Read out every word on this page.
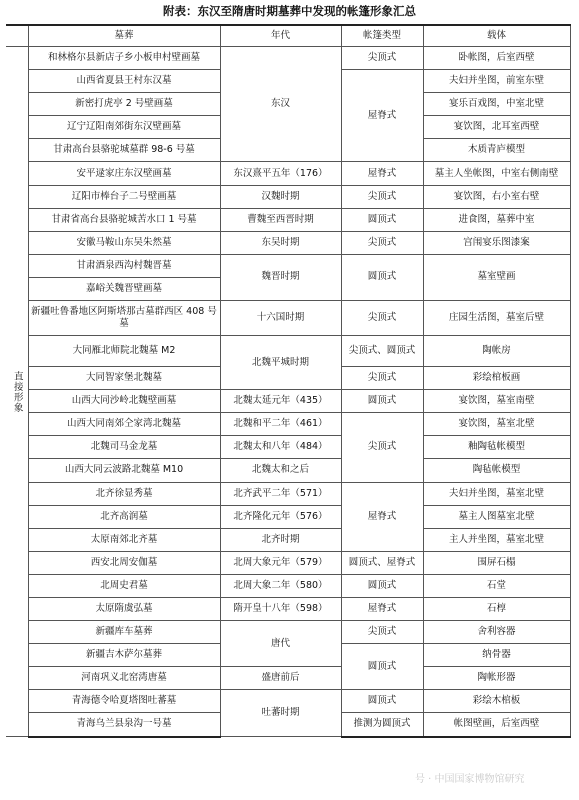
附表：东汉至隋唐时期墓葬中发现的帐篷形象汇总
	墓葬	年代	帐篷类型	载体
直接形象	和林格尔县新店子乡小板申村壁画墓	东汉	尖顶式	卧帐图，后室西壁
	山西省夏县王村东汉墓		屋脊式	夫妇并坐图，前室东壁
	新密打虎亭 2 号壁画墓			宴乐百戏图，中室北壁
	辽宁辽阳南郊街东汉壁画墓			宴饮图，北耳室西壁
	甘肃高台县骆驼城墓群 98-6 号墓			木质青庐模型
	安平逯家庄东汉壁画墓	东汉熹平五年（176）	屋脊式	墓主人坐帐图，中室右侧南壁
	辽阳市棒台子二号壁画墓	汉魏时期	尖顶式	宴饮图，右小室右壁
	甘肃省高台县骆驼城苦水口 1 号墓	曹魏至西晋时期	圆顶式	进食图，墓葬中室
	安徽马鞍山东吴朱然墓	东吴时期	尖顶式	宫闱宴乐图漆案
	甘肃酒泉西沟村魏晋墓	魏晋时期	圆顶式	墓室壁画
	嘉峪关魏晋壁画墓			
	新疆吐鲁番地区阿斯塔那古墓群西区 408 号墓	十六国时期	尖顶式	庄园生活图，墓室后壁
	大同雁北师院北魏墓 M2	北魏平城时期	尖顶式、圆顶式	陶帐房
	大同智家堡北魏墓		尖顶式	彩绘棺板画
	山西大同沙岭北魏壁画墓	北魏太延元年（435）	圆顶式	宴饮图，墓室南壁
	山西大同南郊仝家湾北魏墓	北魏和平二年（461）	尖顶式	宴饮图，墓室北壁
	北魏司马金龙墓	北魏太和八年（484）		釉陶毡帐模型
	山西大同云波路北魏墓 M10	北魏太和之后		陶毡帐模型
	北齐徐显秀墓	北齐武平二年（571）	屋脊式	夫妇并坐图，墓室北壁
	北齐高润墓	北齐隆化元年（576）		墓主人图墓室北壁
	太原南郊北齐墓	北齐时期		主人并坐图，墓室北壁
	西安北周安伽墓	北周大象元年（579）	圆顶式、屋脊式	围屏石榻
	北周史君墓	北周大象二年（580）	圆顶式	石堂
	太原隋虞弘墓	隋开皇十八年（598）	屋脊式	石椁
	新疆库车墓葬	唐代	尖顶式	舍利容器
	新疆吉木萨尔墓葬		圆顶式	纳骨器
	河南巩义北窑湾唐墓	盛唐前后		陶帐形器
	青海德令哈夏塔图吐蕃墓	吐蕃时期	圆顶式	彩绘木棺板
	青海乌兰县泉沟一号墓		推测为圆顶式	帐图壁画，后室西壁
号 · 中国国家博物馆研究
